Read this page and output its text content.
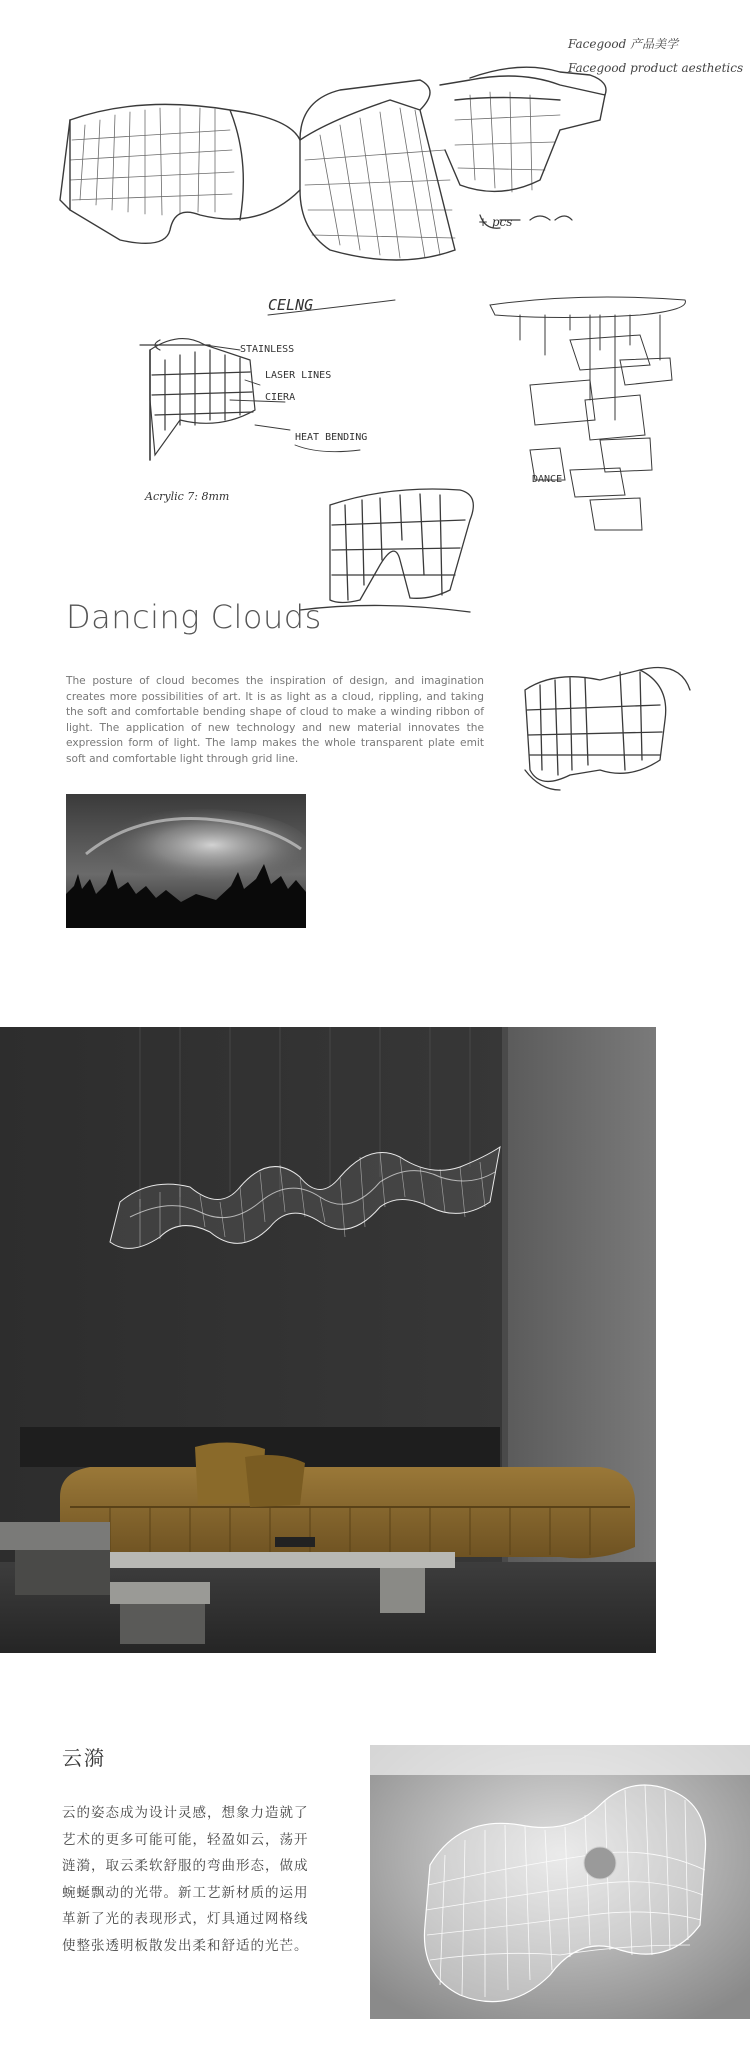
Facegood 产品美学
Facegood product aesthetics
CELNG
DANCE
STAINLESS
LASER LINES
CIERA
HEAT BENDING
Acrylic 7: 8mm
+ pcs
Dancing Clouds

The posture of cloud becomes the inspiration of design, and imagination creates more possibilities of art. It is as light as a cloud, rippling, and taking the soft and comfortable bending shape of cloud to make a winding ribbon of light. The application of new technology and new material innovates the expression form of light. The lamp makes the whole transparent plate emit soft and comfortable light through grid line.

云漪

云的姿态成为设计灵感，想象力造就了艺术的更多可能可能，轻盈如云，荡开涟漪，取云柔软舒服的弯曲形态，做成蜿蜒飘动的光带。新工艺新材质的运用革新了光的表现形式，灯具通过网格线使整张透明板散发出柔和舒适的光芒。
